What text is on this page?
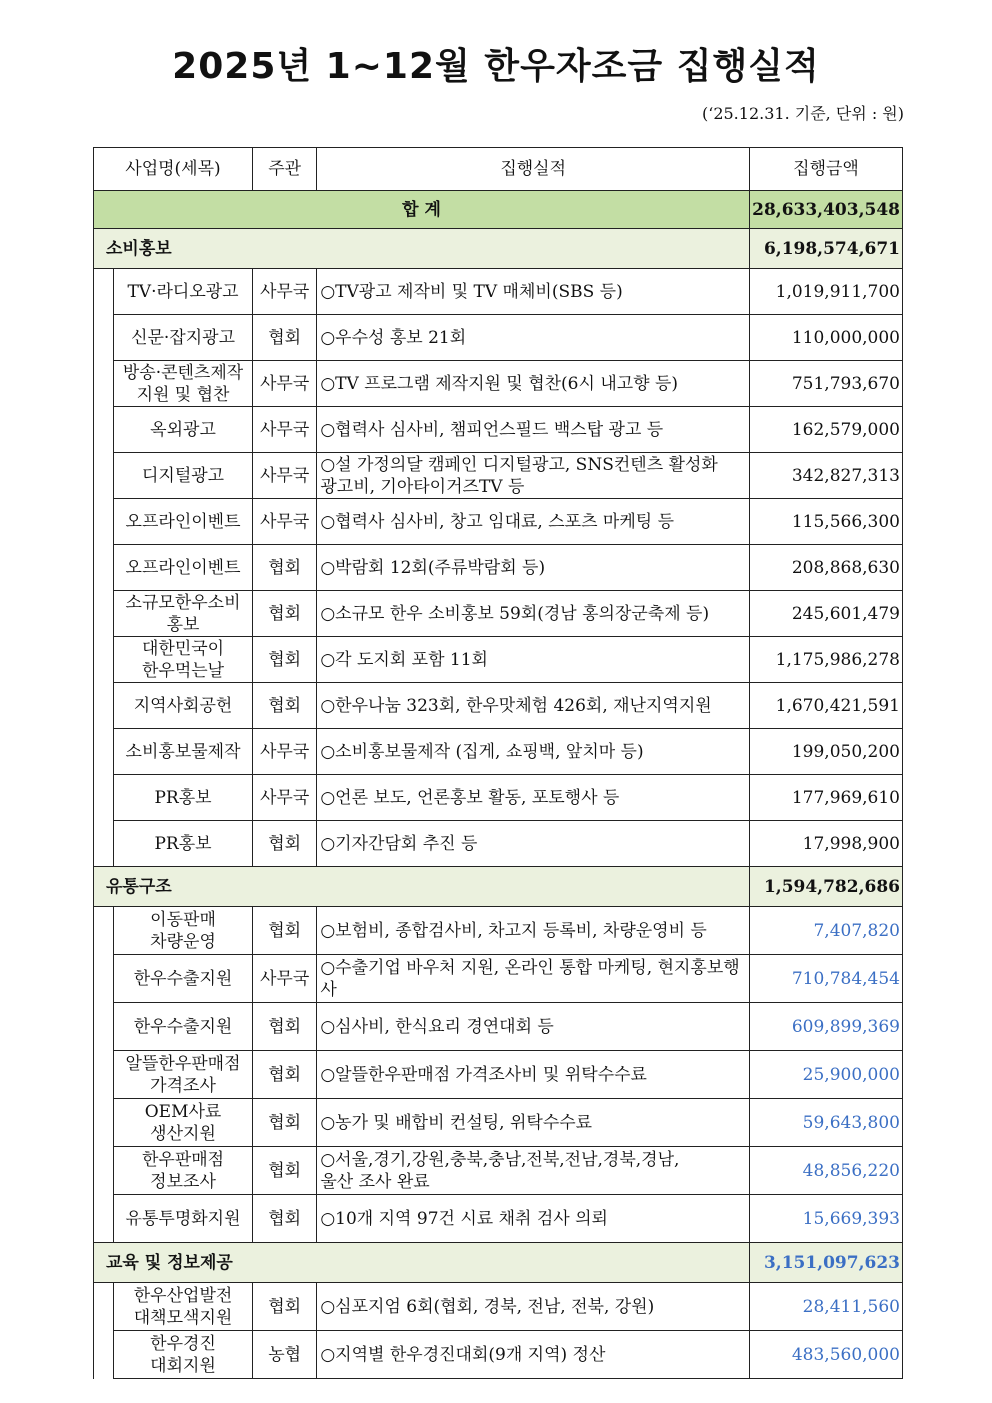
2025년 1~12월 한우자조금 집행실적
(‘25.12.31. 기준, 단위 : 원)
사업명(세목)		주관	집행실적	집행금액
합 계				28,633,403,548
소비홍보				6,198,574,671
	TV·라디오광고	사무국	○TV광고 제작비 및 TV 매체비(SBS 등)	1,019,911,700
	신문·잡지광고	협회	○우수성 홍보 21회	110,000,000
	방송·콘텐츠제작
지원 및 협찬	사무국	○TV 프로그램 제작지원 및 협찬(6시 내고향 등)	751,793,670
	옥외광고	사무국	○협력사 심사비, 챔피언스필드 백스탑 광고 등	162,579,000
	디지털광고	사무국	○설 가정의달 캠페인 디지털광고, SNS컨텐츠 활성화
광고비, 기아타이거즈TV 등	342,827,313
	오프라인이벤트	사무국	○협력사 심사비, 창고 임대료, 스포츠 마케팅 등	115,566,300
	오프라인이벤트	협회	○박람회 12회(주류박람회 등)	208,868,630
	소규모한우소비
홍보	협회	○소규모 한우 소비홍보 59회(경남 홍의장군축제 등)	245,601,479
	대한민국이
한우먹는날	협회	○각 도지회 포함 11회	1,175,986,278
	지역사회공헌	협회	○한우나눔 323회, 한우맛체험 426회, 재난지역지원	1,670,421,591
	소비홍보물제작	사무국	○소비홍보물제작 (집게, 쇼핑백, 앞치마 등)	199,050,200
	PR홍보	사무국	○언론 보도, 언론홍보 활동, 포토행사 등	177,969,610
	PR홍보	협회	○기자간담회 추진 등	17,998,900
유통구조				1,594,782,686
	이동판매
차량운영	협회	○보험비, 종합검사비, 차고지 등록비, 차량운영비 등	7,407,820
	한우수출지원	사무국	○수출기업 바우처 지원, 온라인 통합 마케팅, 현지홍보행사	710,784,454
	한우수출지원	협회	○심사비, 한식요리 경연대회 등	609,899,369
	알뜰한우판매점
가격조사	협회	○알뜰한우판매점 가격조사비 및 위탁수수료	25,900,000
	OEM사료
생산지원	협회	○농가 및 배합비 컨설팅, 위탁수수료	59,643,800
	한우판매점
정보조사	협회	○서울,경기,강원,충북,충남,전북,전남,경북,경남,
울산 조사 완료	48,856,220
	유통투명화지원	협회	○10개 지역 97건 시료 채취 검사 의뢰	15,669,393
교육 및 정보제공				3,151,097,623
	한우산업발전
대책모색지원	협회	○심포지엄 6회(협회, 경북, 전남, 전북, 강원)	28,411,560
	한우경진
대회지원	농협	○지역별 한우경진대회(9개 지역) 정산	483,560,000
